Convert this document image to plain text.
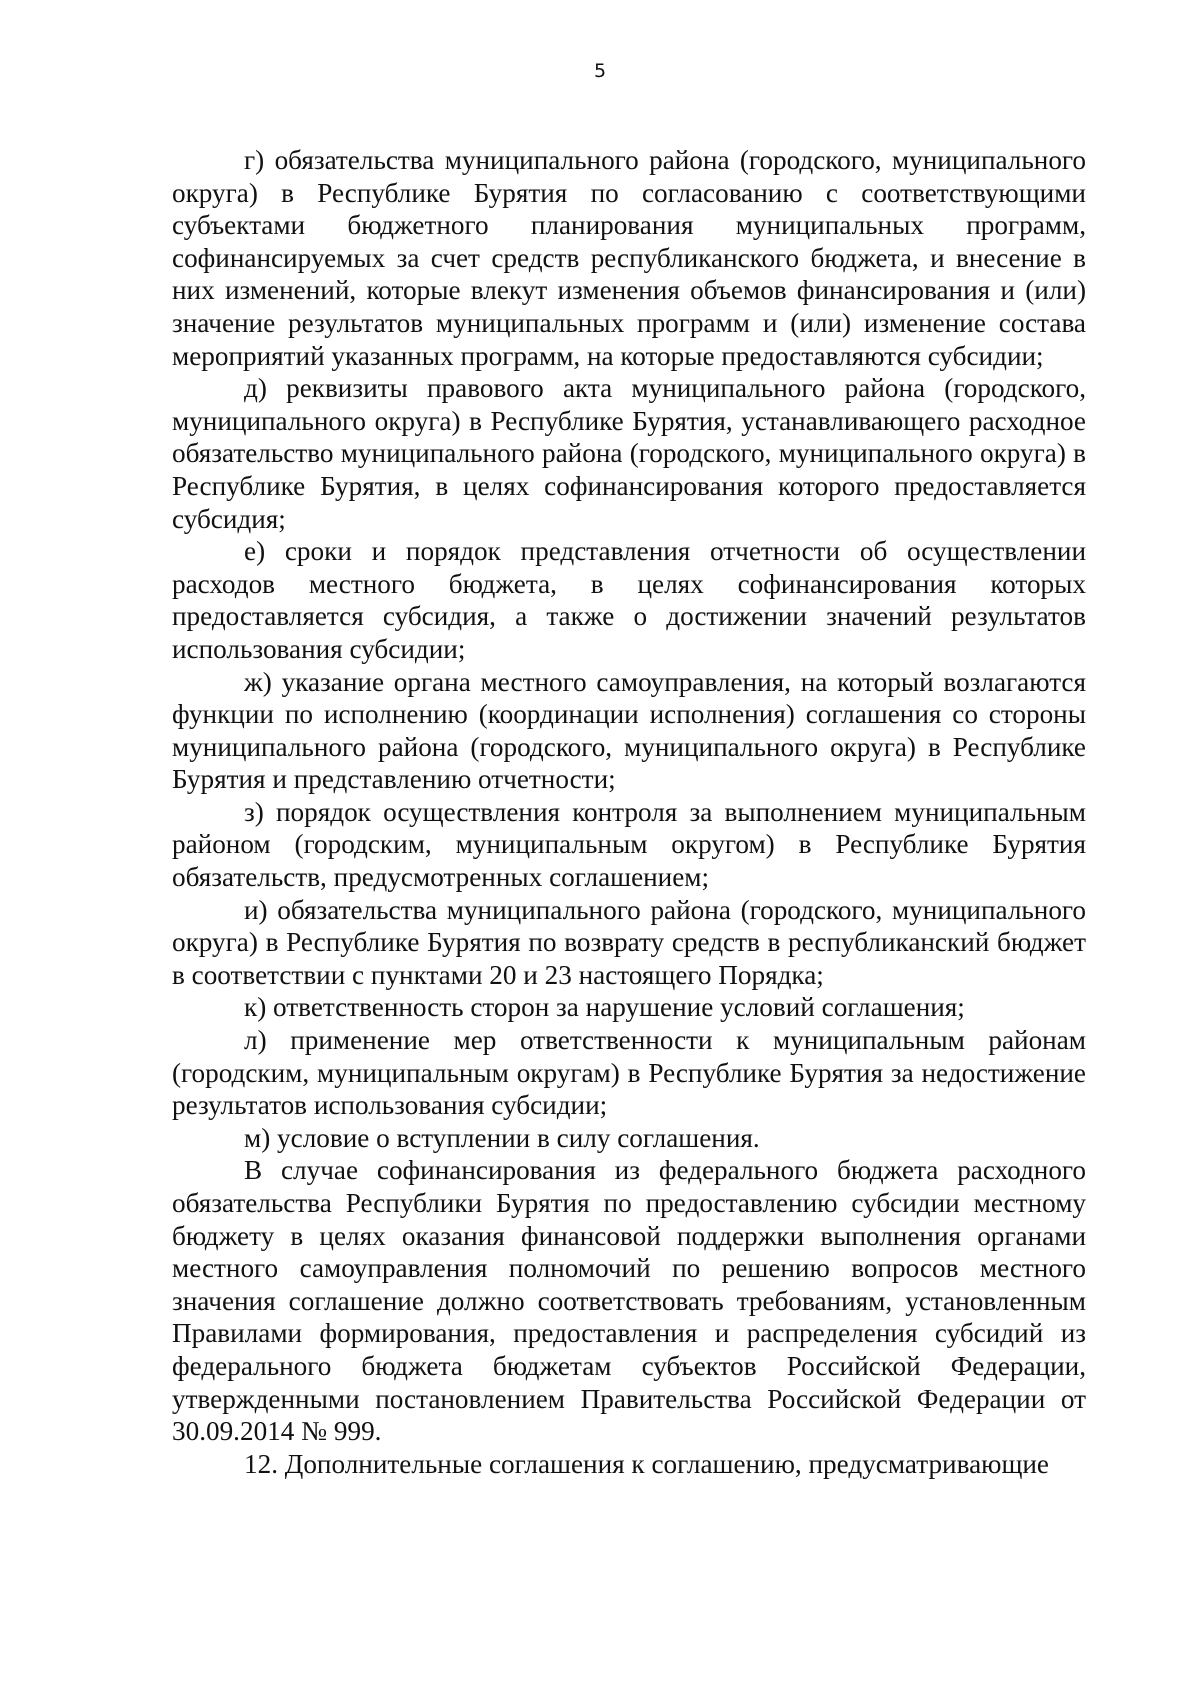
5

г) обязательства муниципального района (городского, муниципального округа) в Республике Бурятия по согласованию с соответствующими субъектами бюджетного планирования муниципальных программ, софинансируемых за счет средств республиканского бюджета, и внесение в них изменений, которые влекут изменения объемов финансирования и (или) значение результатов муниципальных программ и (или) изменение состава мероприятий указанных программ, на которые предоставляются субсидии;

д) реквизиты правового акта муниципального района (городского, муниципального округа) в Республике Бурятия, устанавливающего расходное обязательство муниципального района (городского, муниципального округа) в Республике Бурятия, в целях софинансирования которого предоставляется субсидия;

е) сроки и порядок представления отчетности об осуществлении расходов местного бюджета, в целях софинансирования которых предоставляется субсидия, а также о достижении значений результатов использования субсидии;

ж) указание органа местного самоуправления, на который возлагаются функции по исполнению (координации исполнения) соглашения со стороны муниципального района (городского, муниципального округа) в Республике Бурятия и представлению отчетности;

з) порядок осуществления контроля за выполнением муниципальным районом (городским, муниципальным округом) в Республике Бурятия обязательств, предусмотренных соглашением;

и) обязательства муниципального района (городского, муниципального округа) в Республике Бурятия по возврату средств в республиканский бюджет в соответствии с пунктами 20 и 23 настоящего Порядка;

к) ответственность сторон за нарушение условий соглашения;

л) применение мер ответственности к муниципальным районам (городским, муниципальным округам) в Республике Бурятия за недостижение результатов использования субсидии;

м) условие о вступлении в силу соглашения.

В случае софинансирования из федерального бюджета расходного обязательства Республики Бурятия по предоставлению субсидии местному бюджету в целях оказания финансовой поддержки выполнения органами местного самоуправления полномочий по решению вопросов местного значения соглашение должно соответствовать требованиям, установленным Правилами формирования, предоставления и распределения субсидий из федерального бюджета бюджетам субъектов Российской Федерации, утвержденными постановлением Правительства Российской Федерации от 30.09.2014 № 999.

12. Дополнительные соглашения к соглашению, предусматривающие
